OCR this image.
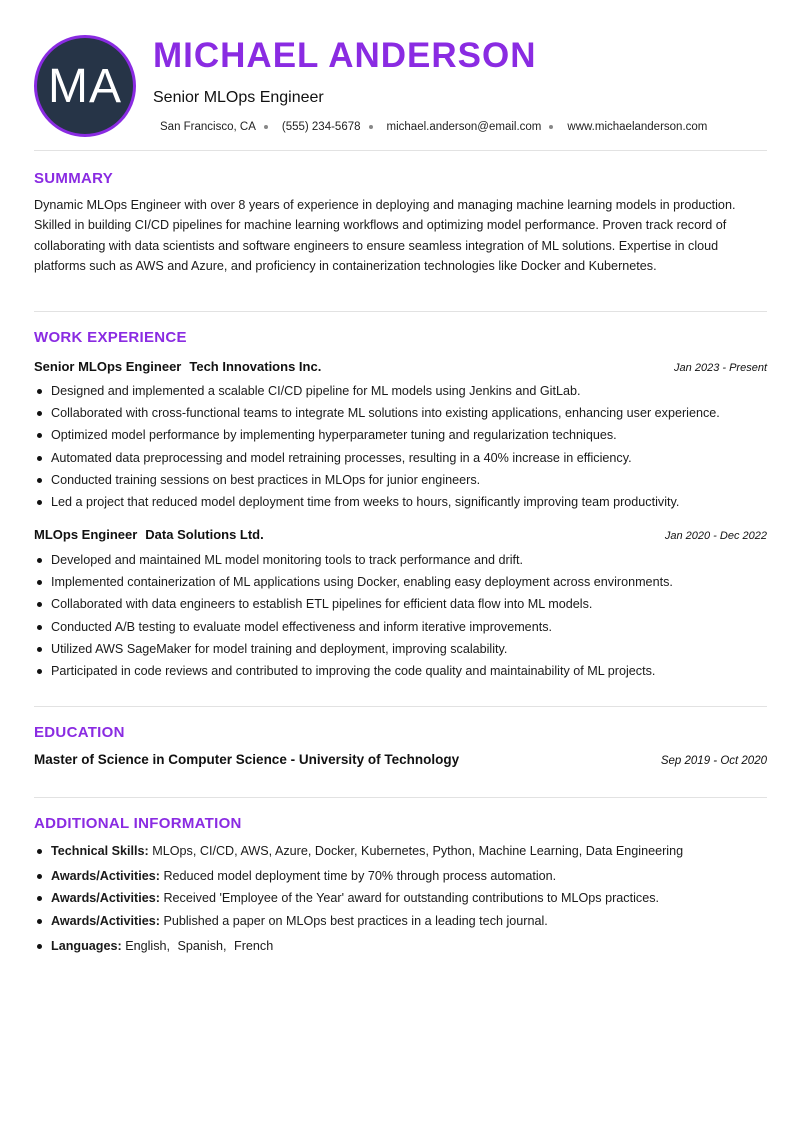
MA
MICHAEL ANDERSON
Senior MLOps Engineer
San Francisco, CA (555) 234-5678 michael.anderson@email.com www.michaelanderson.com
SUMMARY

Dynamic MLOps Engineer with over 8 years of experience in deploying and managing machine learning models in production. Skilled in building CI/CD pipelines for machine learning workflows and optimizing model performance. Proven track record of collaborating with data scientists and software engineers to ensure seamless integration of ML solutions. Expertise in cloud platforms such as AWS and Azure, and proficiency in containerization technologies like Docker and Kubernetes.

WORK EXPERIENCE
Senior MLOps Engineer Tech Innovations Inc.	Jan 2023 - Present
Designed and implemented a scalable CI/CD pipeline for ML models using Jenkins and GitLab.
Collaborated with cross-functional teams to integrate ML solutions into existing applications, enhancing user experience.
Optimized model performance by implementing hyperparameter tuning and regularization techniques.
Automated data preprocessing and model retraining processes, resulting in a 40% increase in efficiency.
Conducted training sessions on best practices in MLOps for junior engineers.
Led a project that reduced model deployment time from weeks to hours, significantly improving team productivity.
MLOps Engineer Data Solutions Ltd.	Jan 2020 - Dec 2022
Developed and maintained ML model monitoring tools to track performance and drift.
Implemented containerization of ML applications using Docker, enabling easy deployment across environments.
Collaborated with data engineers to establish ETL pipelines for efficient data flow into ML models.
Conducted A/B testing to evaluate model effectiveness and inform iterative improvements.
Utilized AWS SageMaker for model training and deployment, improving scalability.
Participated in code reviews and contributed to improving the code quality and maintainability of ML projects.
EDUCATION
Master of Science in Computer Science - University of Technology	Sep 2019 - Oct 2020
ADDITIONAL INFORMATION
Technical Skills: MLOps, CI/CD, AWS, Azure, Docker, Kubernetes, Python, Machine Learning, Data Engineering
Awards/Activities: Reduced model deployment time by 70% through process automation.
Awards/Activities: Received 'Employee of the Year' award for outstanding contributions to MLOps practices.
Awards/Activities: Published a paper on MLOps best practices in a leading tech journal.
Languages: English, Spanish, French
